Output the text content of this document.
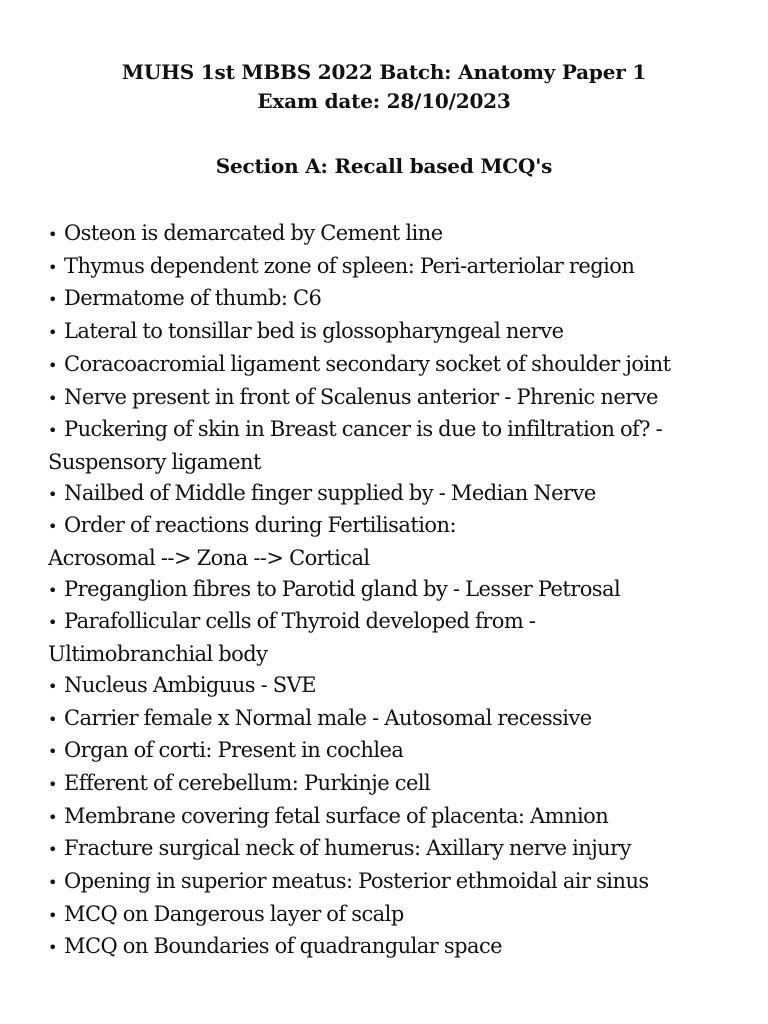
MUHS 1st MBBS 2022 Batch: Anatomy Paper 1
Exam date: 28/10/2023
Section A: Recall based MCQ's
• Osteon is demarcated by Cement line
• Thymus dependent zone of spleen: Peri-arteriolar region
• Dermatome of thumb: C6
• Lateral to tonsillar bed is glossopharyngeal nerve
• Coracoacromial ligament secondary socket of shoulder joint
• Nerve present in front of Scalenus anterior - Phrenic nerve
• Puckering of skin in Breast cancer is due to infiltration of? -
Suspensory ligament
• Nailbed of Middle finger supplied by - Median Nerve
• Order of reactions during Fertilisation:
Acrosomal --> Zona --> Cortical
• Preganglion fibres to Parotid gland by - Lesser Petrosal
• Parafollicular cells of Thyroid developed from -
Ultimobranchial body
• Nucleus Ambiguus - SVE
• Carrier female x Normal male - Autosomal recessive
• Organ of corti: Present in cochlea
• Efferent of cerebellum: Purkinje cell
• Membrane covering fetal surface of placenta: Amnion
• Fracture surgical neck of humerus: Axillary nerve injury
• Opening in superior meatus: Posterior ethmoidal air sinus
• MCQ on Dangerous layer of scalp
• MCQ on Boundaries of quadrangular space
